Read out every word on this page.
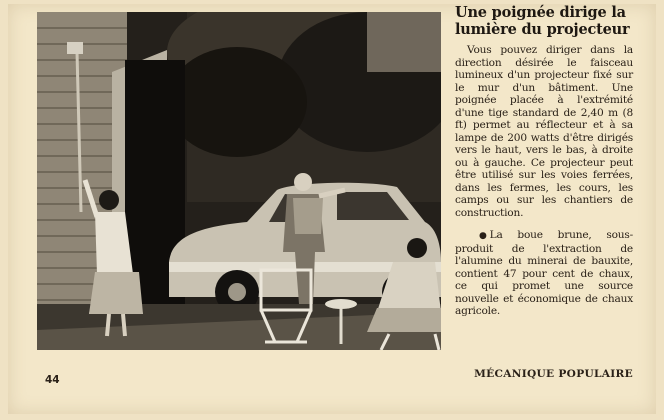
Une poignée dirige la lumière du projecteur

Vous pouvez diriger dans la direction désirée le faisceau lumineux d'un projecteur fixé sur le mur d'un bâtiment. Une poignée placée à l'extrémité d'une tige standard de 2,40 m (8 ft) permet au réflecteur et à sa lampe de 200 watts d'être dirigés vers le haut, vers le bas, à droite ou à gauche. Ce projecteur peut être utilisé sur les voies ferrées, dans les fermes, les cours, les camps ou sur les chantiers de construction.

● La boue brune, sous-produit de l'extraction de l'alumine du minerai de bauxite, contient 47 pour cent de chaux, ce qui promet une source nouvelle et économique de chaux agricole.

44	MÉCANIQUE POPULAIRE
